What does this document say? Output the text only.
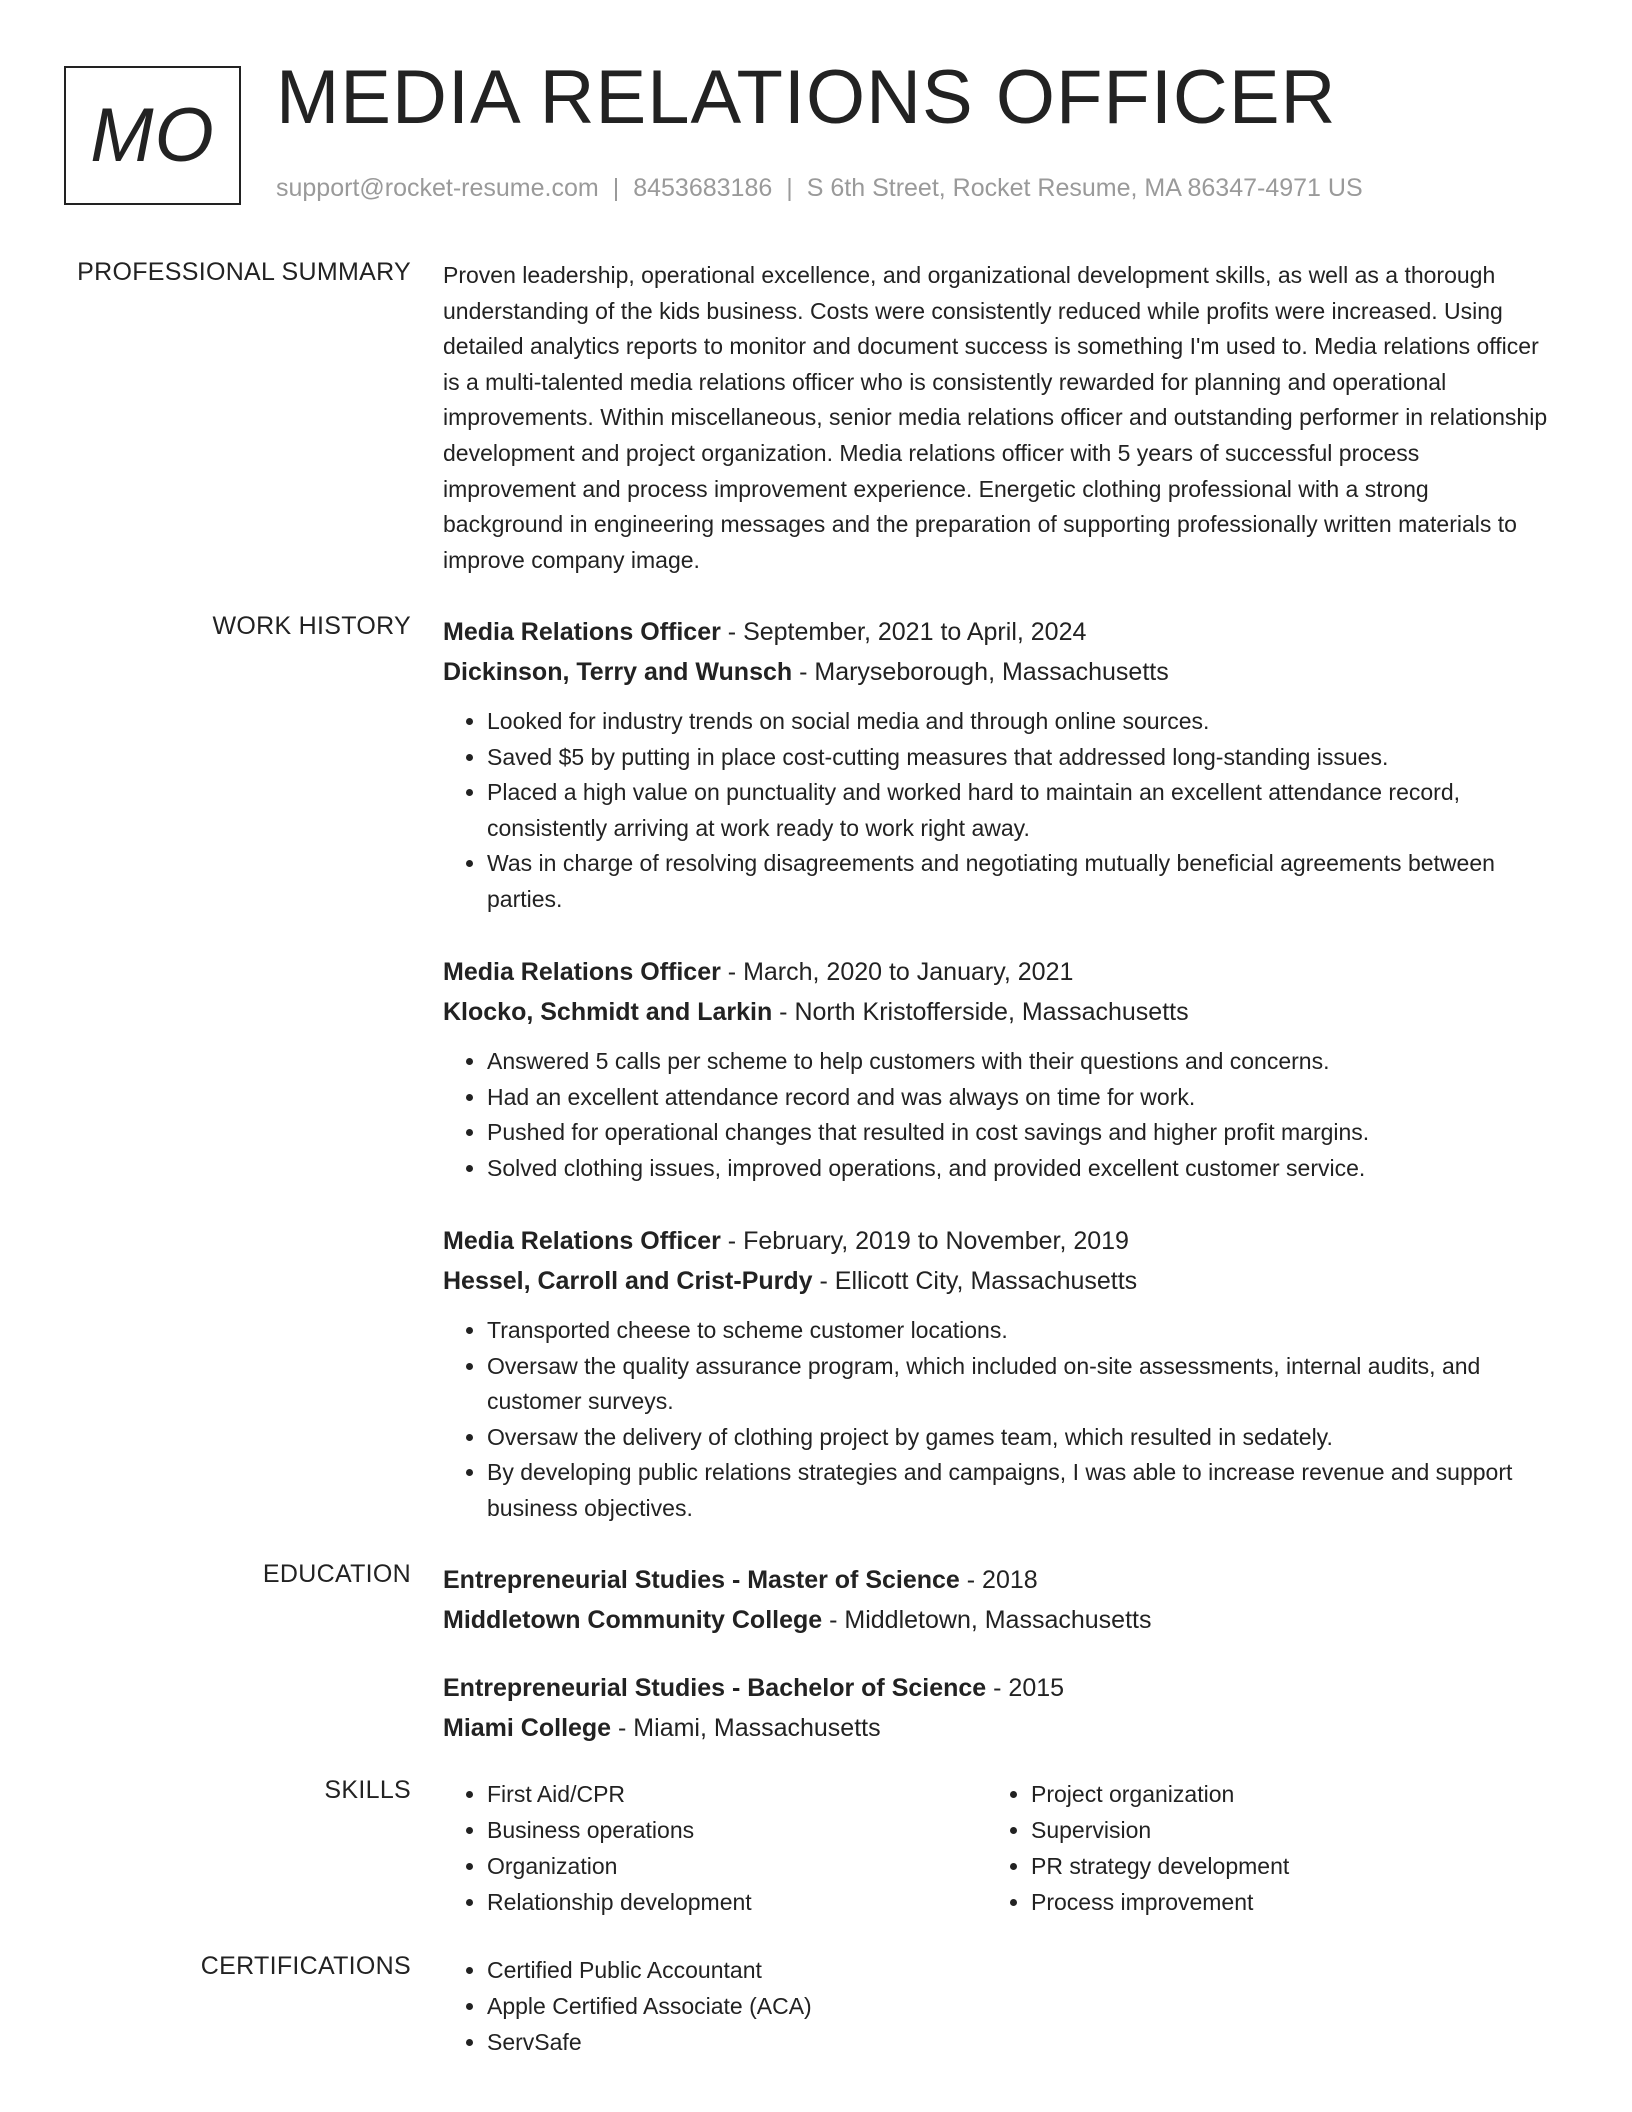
MO MEDIA RELATIONS OFFICER
support@rocket-resume.com | 8453683186 | S 6th Street, Rocket Resume, MA 86347-4971 US
PROFESSIONAL SUMMARY Proven leadership, operational excellence, and organizational development skills, as well as a thorough understanding of the kids business. Costs were consistently reduced while profits were increased. Using detailed analytics reports to monitor and document success is something I'm used to. Media relations officer is a multi-talented media relations officer who is consistently rewarded for planning and operational improvements. Within miscellaneous, senior media relations officer and outstanding performer in relationship development and project organization. Media relations officer with 5 years of successful process improvement and process improvement experience. Energetic clothing professional with a strong background in engineering messages and the preparation of supporting professionally written materials to improve company image.

WORK HISTORY Media Relations Officer - September, 2021 to April, 2024
Dickinson, Terry and Wunsch - Maryseborough, Massachusetts
• Looked for industry trends on social media and through online sources.
• Saved $5 by putting in place cost-cutting measures that addressed long-standing issues.
• Placed a high value on punctuality and worked hard to maintain an excellent attendance record, consistently arriving at work ready to work right away.
• Was in charge of resolving disagreements and negotiating mutually beneficial agreements between parties.
Media Relations Officer - March, 2020 to January, 2021
Klocko, Schmidt and Larkin - North Kristofferside, Massachusetts
• Answered 5 calls per scheme to help customers with their questions and concerns.
• Had an excellent attendance record and was always on time for work.
• Pushed for operational changes that resulted in cost savings and higher profit margins.
• Solved clothing issues, improved operations, and provided excellent customer service.
Media Relations Officer - February, 2019 to November, 2019
Hessel, Carroll and Crist-Purdy - Ellicott City, Massachusetts
• Transported cheese to scheme customer locations.
• Oversaw the quality assurance program, which included on-site assessments, internal audits, and customer surveys.
• Oversaw the delivery of clothing project by games team, which resulted in sedately.
• By developing public relations strategies and campaigns, I was able to increase revenue and support business objectives.
EDUCATION Entrepreneurial Studies - Master of Science - 2018
Middletown Community College - Middletown, Massachusetts
Entrepreneurial Studies - Bachelor of Science - 2015
Miami College - Miami, Massachusetts
SKILLS	• First Aid/CPR
• Business operations
• Organization
• Relationship development
• Project organization
• Supervision
• PR strategy development
• Process improvement
CERTIFICATIONS	• Certified Public Accountant
• Apple Certified Associate (ACA)
• ServSafe
